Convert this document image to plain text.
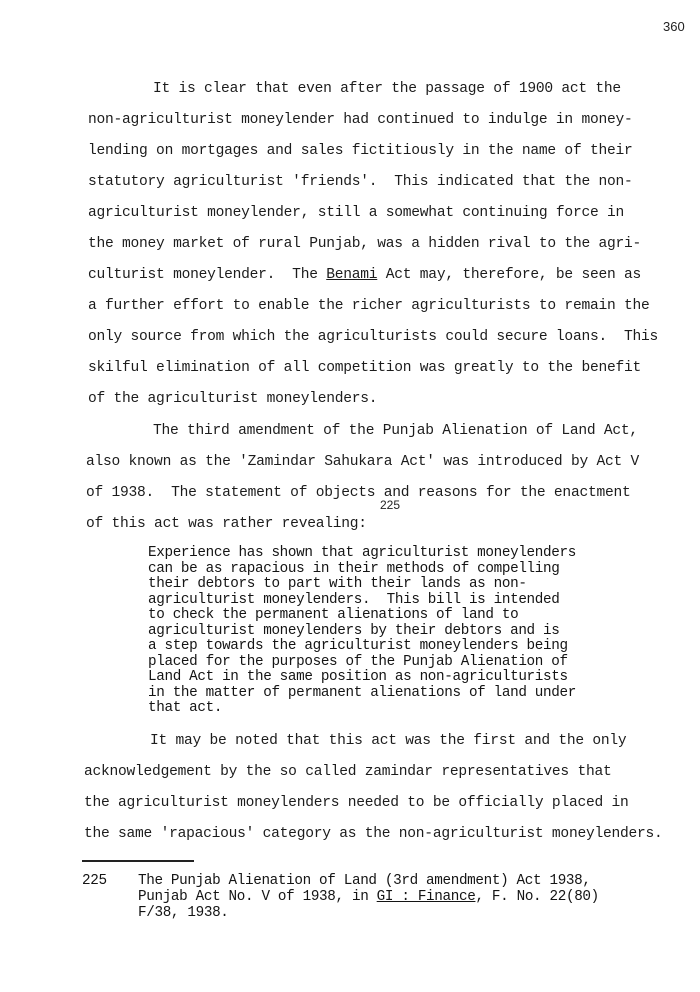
360
It is clear that even after the passage of 1900 act the
non-agriculturist moneylender had continued to indulge in money-
lending on mortgages and sales fictitiously in the name of their
statutory agriculturist 'friends'.  This indicated that the non-
agriculturist moneylender, still a somewhat continuing force in
the money market of rural Punjab, was a hidden rival to the agri-
culturist moneylender.  The Benami Act may, therefore, be seen as
a further effort to enable the richer agriculturists to remain the
only source from which the agriculturists could secure loans.  This
skilful elimination of all competition was greatly to the benefit
of the agriculturist moneylenders.
The third amendment of the Punjab Alienation of Land Act,
also known as the 'Zamindar Sahukara Act' was introduced by Act V
of 1938.  The statement of objects and reasons for the enactment
225
of this act was rather revealing:
Experience has shown that agriculturist moneylenders
can be as rapacious in their methods of compelling
their debtors to part with their lands as non-
agriculturist moneylenders.  This bill is intended
to check the permanent alienations of land to
agriculturist moneylenders by their debtors and is
a step towards the agriculturist moneylenders being
placed for the purposes of the Punjab Alienation of
Land Act in the same position as non-agriculturists
in the matter of permanent alienations of land under
that act.
It may be noted that this act was the first and the only
acknowledgement by the so called zamindar representatives that
the agriculturist moneylenders needed to be officially placed in
the same 'rapacious' category as the non-agriculturist moneylenders.
225 The Punjab Alienation of Land (3rd amendment) Act 1938,
Punjab Act No. V of 1938, in GI : Finance, F. No. 22(80)
F/38, 1938.
